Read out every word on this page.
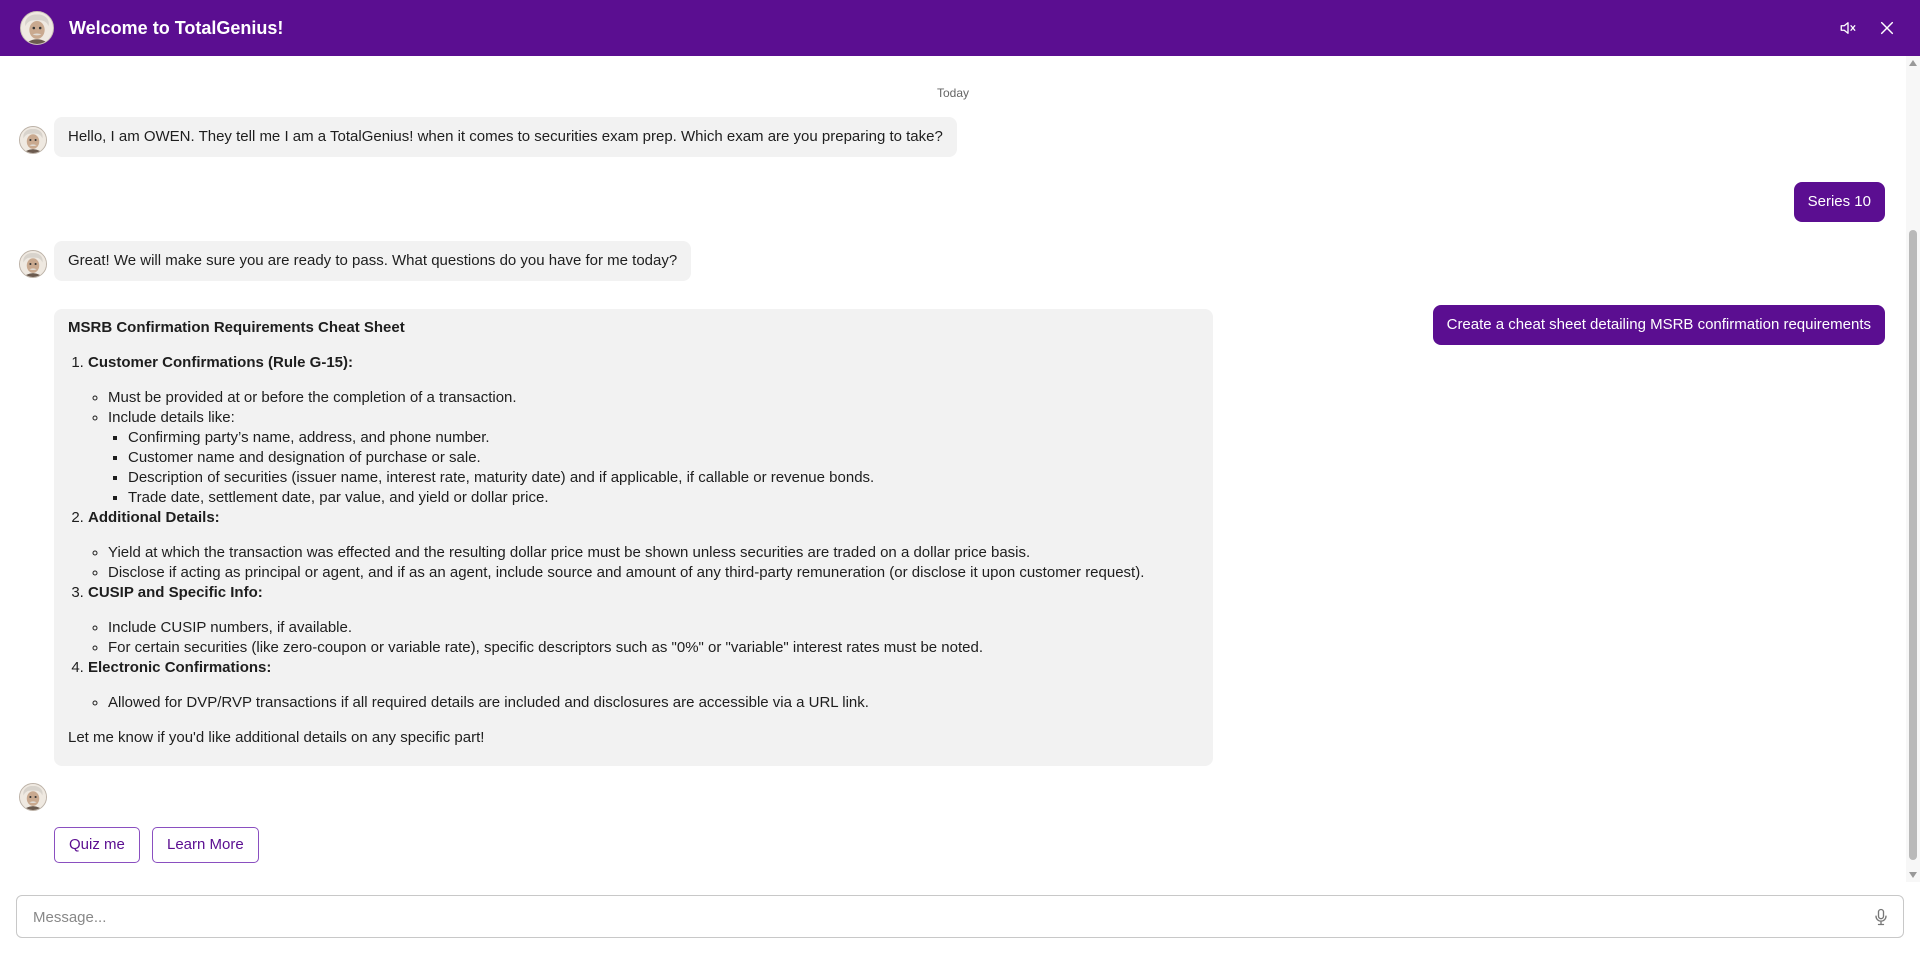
Welcome to TotalGenius!
Today
Hello, I am OWEN. They tell me I am a TotalGenius! when it comes to securities exam prep. Which exam are you preparing to take?
Series 10
Great! We will make sure you are ready to pass. What questions do you have for me today?
Create a cheat sheet detailing MSRB confirmation requirements
MSRB Confirmation Requirements Cheat Sheet
1. Customer Confirmations (Rule G-15):
◦ Must be provided at or before the completion of a transaction.
◦ Include details like:
▪ Confirming party’s name, address, and phone number.
▪ Customer name and designation of purchase or sale.
▪ Description of securities (issuer name, interest rate, maturity date) and if applicable, if callable or revenue bonds.
▪ Trade date, settlement date, par value, and yield or dollar price.
2. Additional Details:
◦ Yield at which the transaction was effected and the resulting dollar price must be shown unless securities are traded on a dollar price basis.
◦ Disclose if acting as principal or agent, and if as an agent, include source and amount of any third-party remuneration (or disclose it upon customer request).
3. CUSIP and Specific Info:
◦ Include CUSIP numbers, if available.
◦ For certain securities (like zero-coupon or variable rate), specific descriptors such as "0%" or "variable" interest rates must be noted.
4. Electronic Confirmations:
◦ Allowed for DVP/RVP transactions if all required details are included and disclosures are accessible via a URL link.
Let me know if you'd like additional details on any specific part!
Quiz me	Learn More
Message...
